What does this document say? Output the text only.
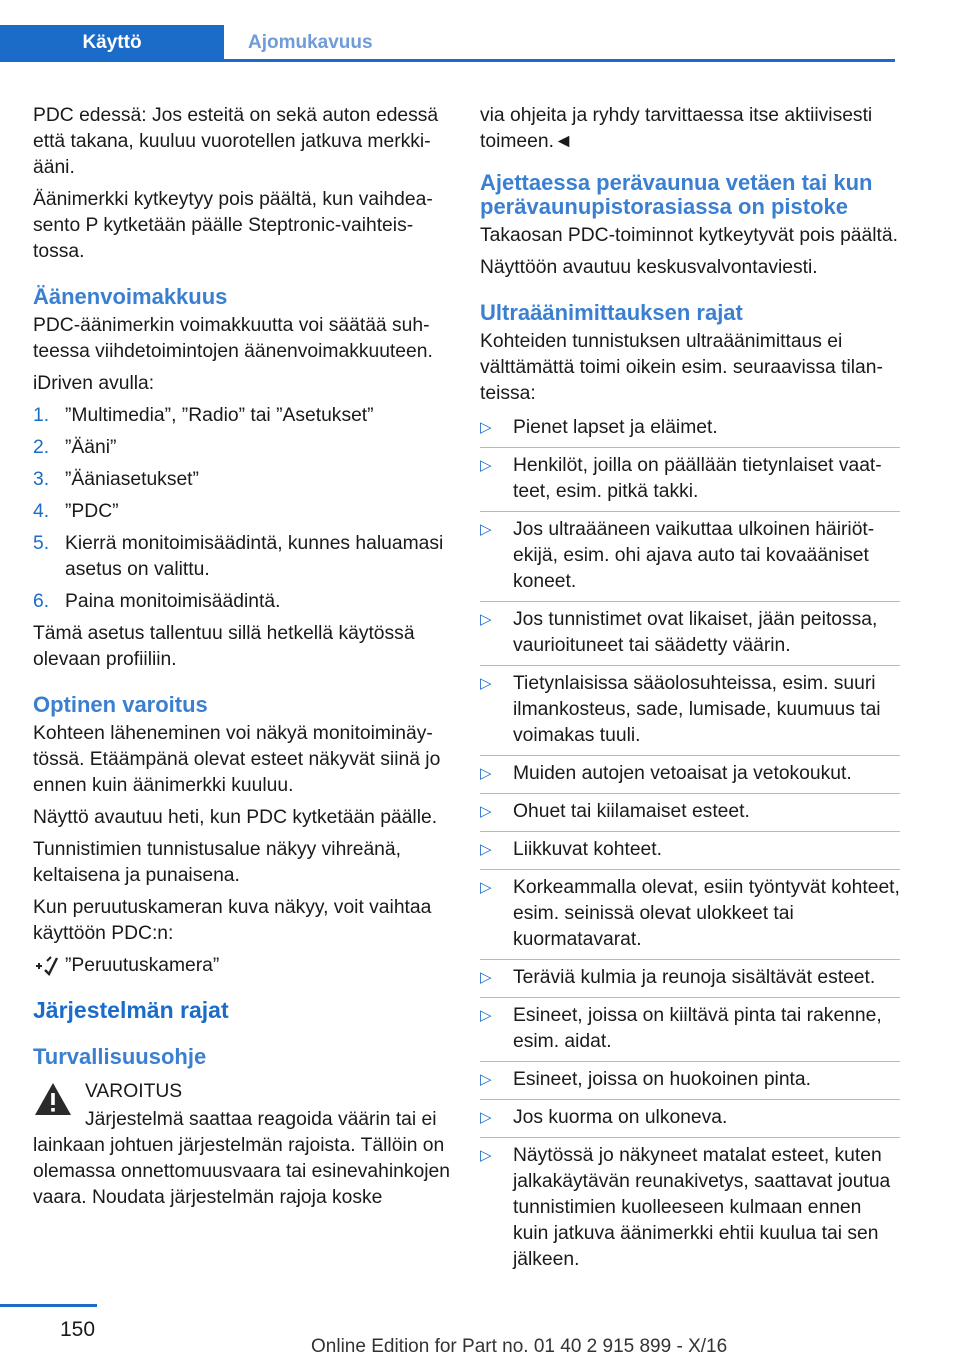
Käyttö	Ajomukavuus

PDC edessä: Jos esteitä on sekä auton edessä että takana, kuuluu vuorotellen jatkuva merkkiääni.

Äänimerkki kytkeytyy pois päältä, kun vaihdeasento P kytketään päälle Steptronic-vaihteistossa.

Äänenvoimakkuus

PDC-äänimerkin voimakkuutta voi säätää suhteessa viihdetoimintojen äänenvoimakkuuteen.

iDriven avulla:

1. ”Multimedia”, ”Radio” tai ”Asetukset”
2. ”Ääni”
3. ”Ääniasetukset”
4. ”PDC”
5. Kierrä monitoimisäädintä, kunnes haluamasi asetus on valittu.
6. Paina monitoimisäädintä.

Tämä asetus tallentuu sillä hetkellä käytössä olevaan profiiliin.

Optinen varoitus

Kohteen läheneminen voi näkyä monitoiminäytössä. Etäämpänä olevat esteet näkyvät siinä jo ennen kuin äänimerkki kuuluu.

Näyttö avautuu heti, kun PDC kytketään päälle.

Tunnistimien tunnistusalue näkyy vihreänä, keltaisena ja punaisena.

Kun peruutuskameran kuva näkyy, voit vaihtaa käyttöön PDC:n:

”Peruutuskamera”
Järjestelmän rajat
Turvallisuusohje

VAROITUS

Järjestelmä saattaa reagoida väärin tai ei

lainkaan johtuen järjestelmän rajoista. Tällöin on olemassa onnettomuusvaara tai esinevahinkojen vaara. Noudata järjestelmän rajoja koske

via ohjeita ja ryhdy tarvittaessa itse aktiivisesti toimeen.◄

Ajettaessa perävaunua vetäen tai kun perävaunupistorasiassa on pistoke

Takaosan PDC-toiminnot kytkeytyvät pois päältä.

Näyttöön avautuu keskusvalvontaviesti.

Ultraäänimittauksen rajat

Kohteiden tunnistuksen ultraäänimittaus ei välttämättä toimi oikein esim. seuraavissa tilanteissa:

▷	Pienet lapset ja eläimet.
▷	Henkilöt, joilla on päällään tietynlaiset vaatteet, esim. pitkä takki.
▷	Jos ultraääneen vaikuttaa ulkoinen häiriötekijä, esim. ohi ajava auto tai kovaääniset koneet.
▷	Jos tunnistimet ovat likaiset, jään peitossa, vaurioituneet tai säädetty väärin.
▷	Tietynlaisissa sääolosuhteissa, esim. suuri ilmankosteus, sade, lumisade, kuumuus tai voimakas tuuli.
▷	Muiden autojen vetoaisat ja vetokoukut.
▷	Ohuet tai kiilamaiset esteet.
▷	Liikkuvat kohteet.
▷	Korkeammalla olevat, esiin työntyvät kohteet, esim. seinissä olevat ulokkeet tai kuormatavarat.
▷	Teräviä kulmia ja reunoja sisältävät esteet.
▷	Esineet, joissa on kiiltävä pinta tai rakenne, esim. aidat.
▷	Esineet, joissa on huokoinen pinta.
▷	Jos kuorma on ulkoneva.
▷	Näytössä jo näkyneet matalat esteet, kuten jalkakäytävän reunakivetys, saattavat joutua tunnistimien kuolleeseen kulmaan ennen kuin jatkuva äänimerkki ehtii kuulua tai sen jälkeen.
150
Online Edition for Part no. 01 40 2 915 899 - X/16
